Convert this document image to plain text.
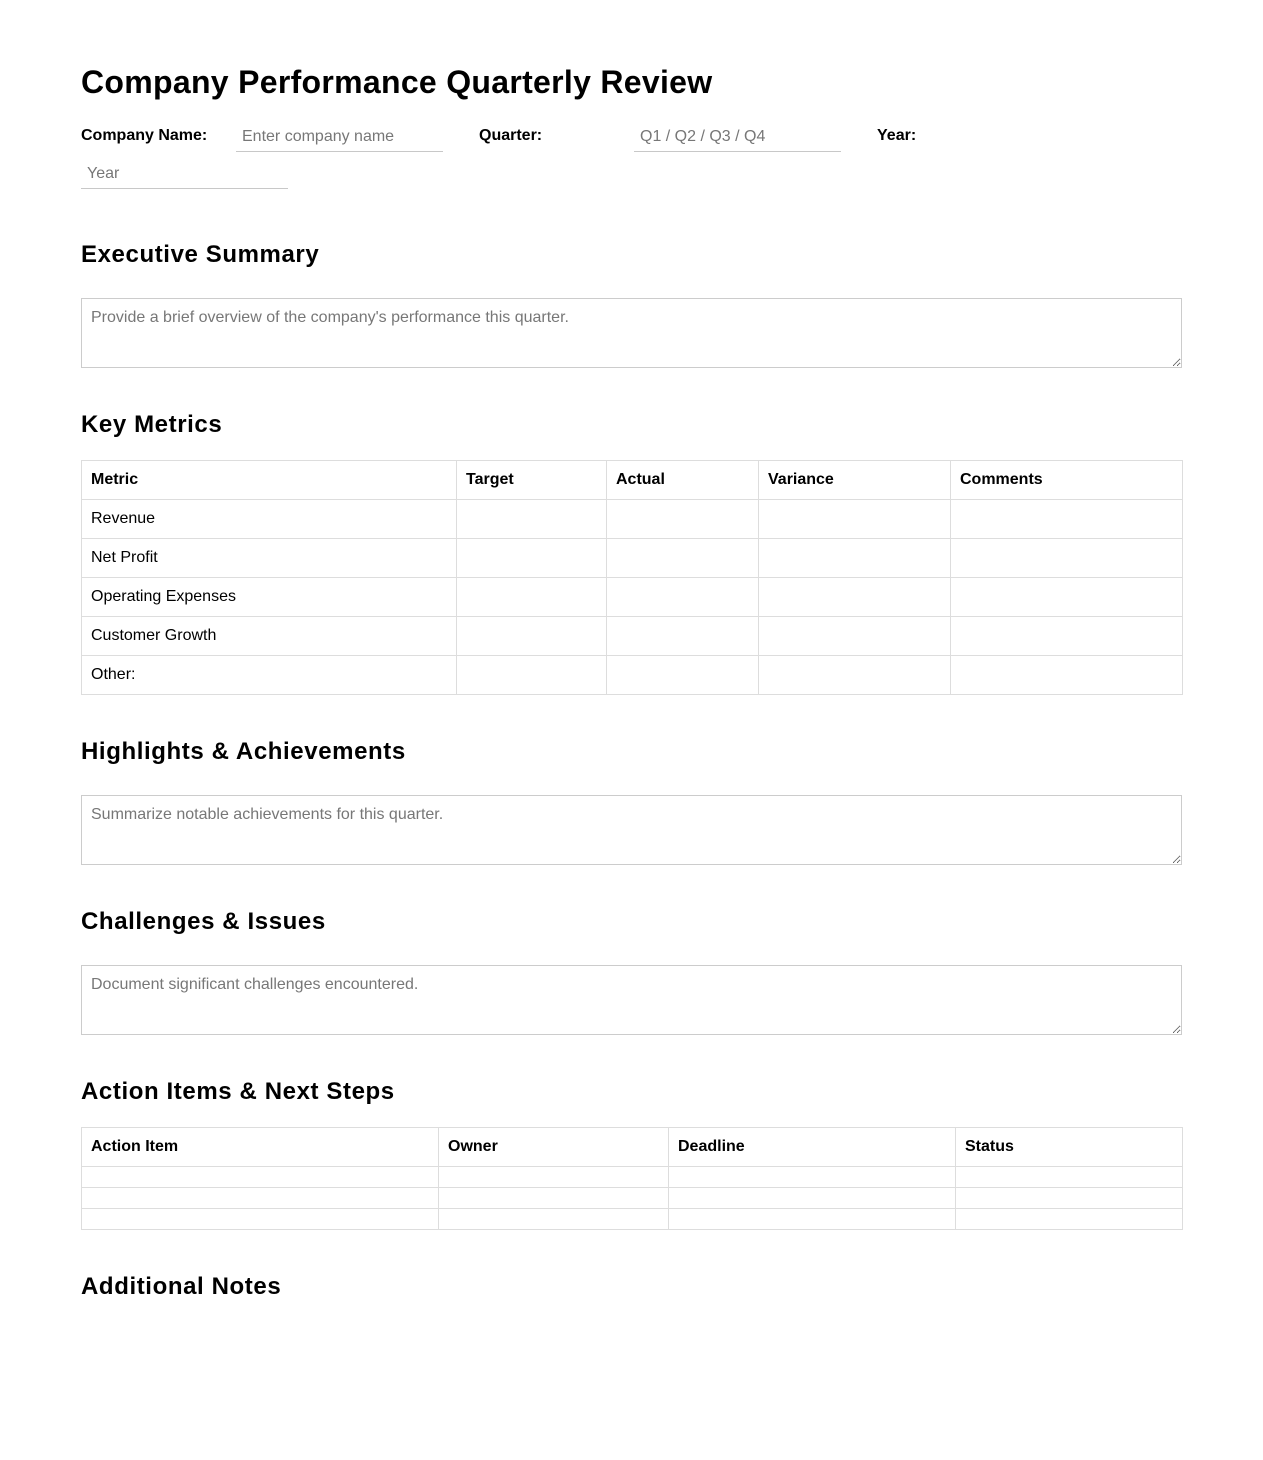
Company Performance Quarterly Review
Company Name:
Enter company name	Quarter:
Q1 / Q2 / Q3 / Q4	Year:
Year
Executive Summary
Provide a brief overview of the company's performance this quarter.
Key Metrics
Metric	Target	Actual	Variance	Comments
Revenue				
Net Profit				
Operating Expenses				
Customer Growth				
Other:				
Highlights & Achievements
Summarize notable achievements for this quarter.
Challenges & Issues
Document significant challenges encountered.
Action Items & Next Steps
Action Item	Owner	Deadline	Status

Additional Notes
